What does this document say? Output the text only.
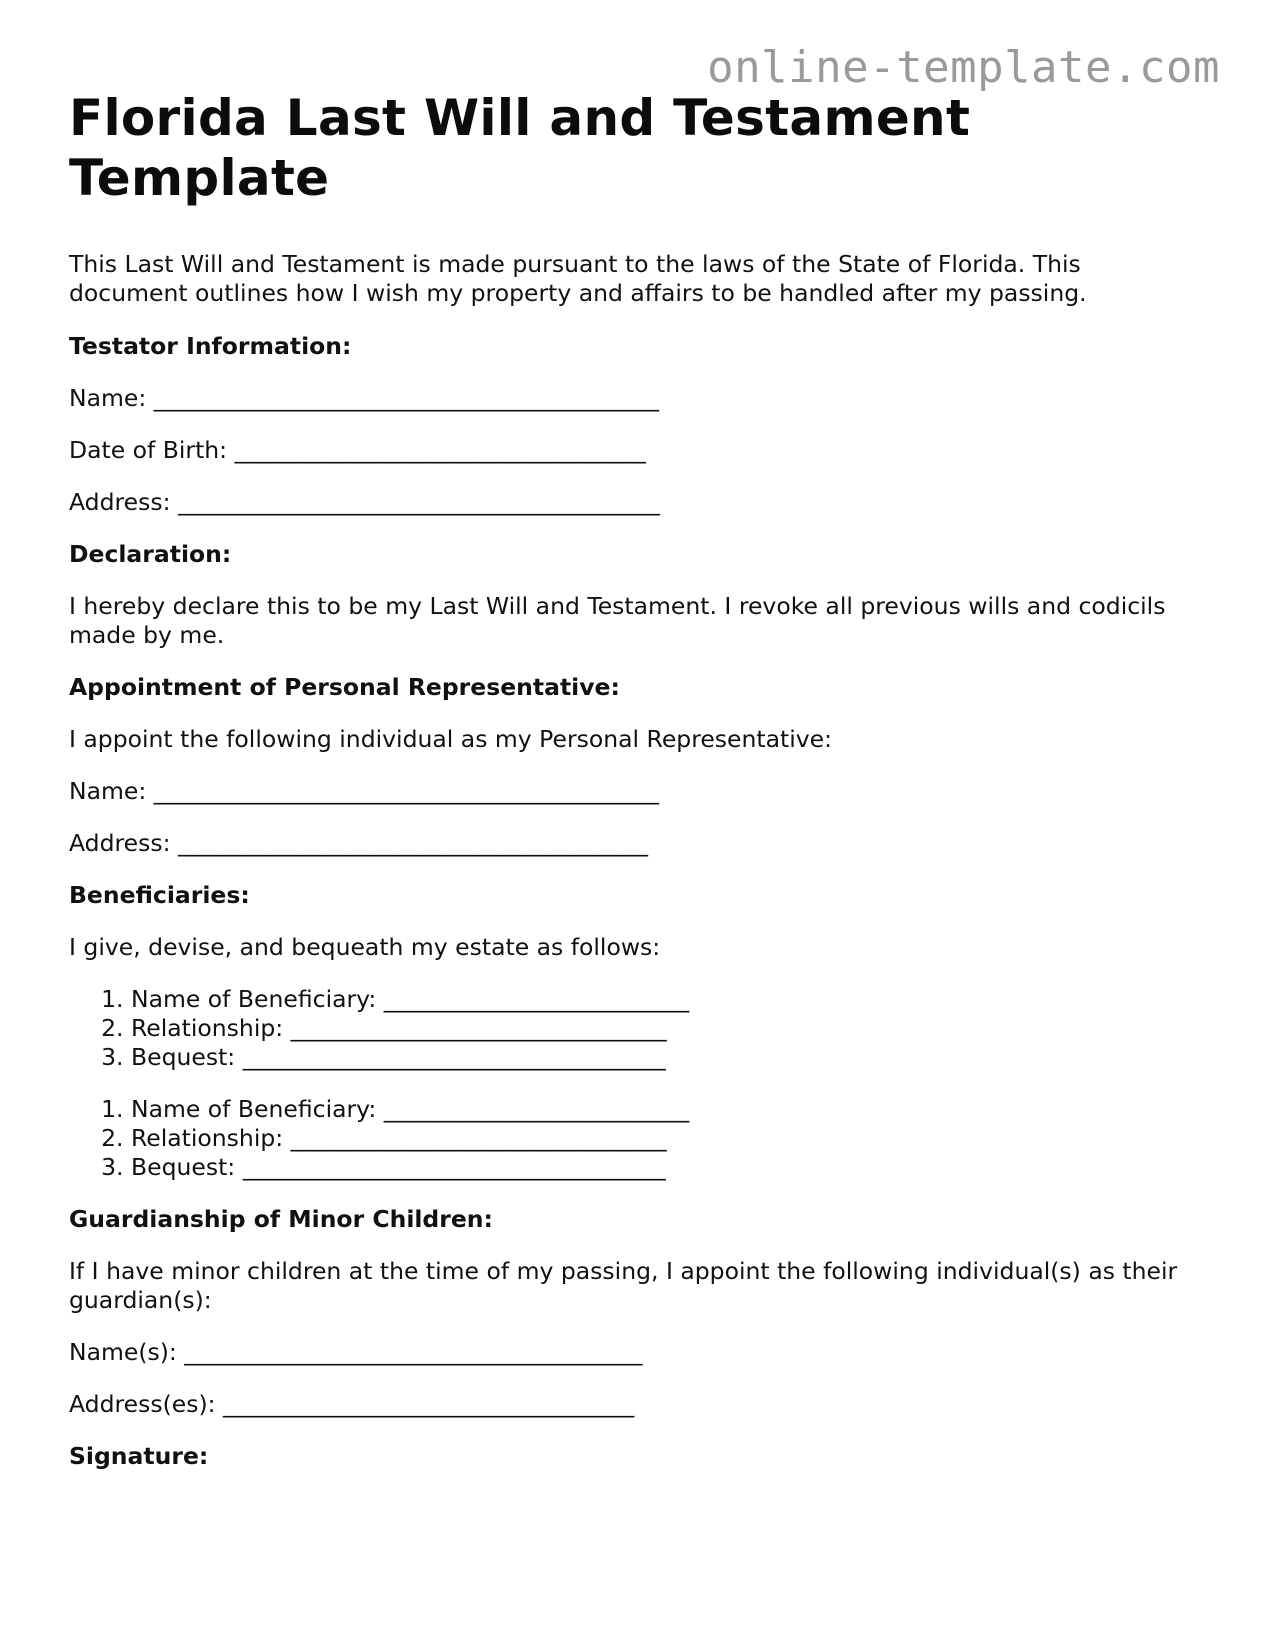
online-template.com
Florida Last Will and Testament Template

This Last Will and Testament is made pursuant to the laws of the State of Florida. This document outlines how I wish my property and affairs to be handled after my passing.

Testator Information:

Name: ___________________________________________

Date of Birth: ___________________________________

Address: _________________________________________

Declaration:

I hereby declare this to be my Last Will and Testament. I revoke all previous wills and codicils made by me.

Appointment of Personal Representative:

I appoint the following individual as my Personal Representative:

Name: ___________________________________________

Address: ________________________________________

Beneficiaries:

I give, devise, and bequeath my estate as follows:

1. Name of Beneficiary: __________________________
2. Relationship: ________________________________
3. Bequest: ____________________________________
1. Name of Beneficiary: __________________________
2. Relationship: ________________________________
3. Bequest: ____________________________________
Guardianship of Minor Children:

If I have minor children at the time of my passing, I appoint the following individual(s) as their guardian(s):

Name(s): _______________________________________

Address(es): ___________________________________

Signature:
